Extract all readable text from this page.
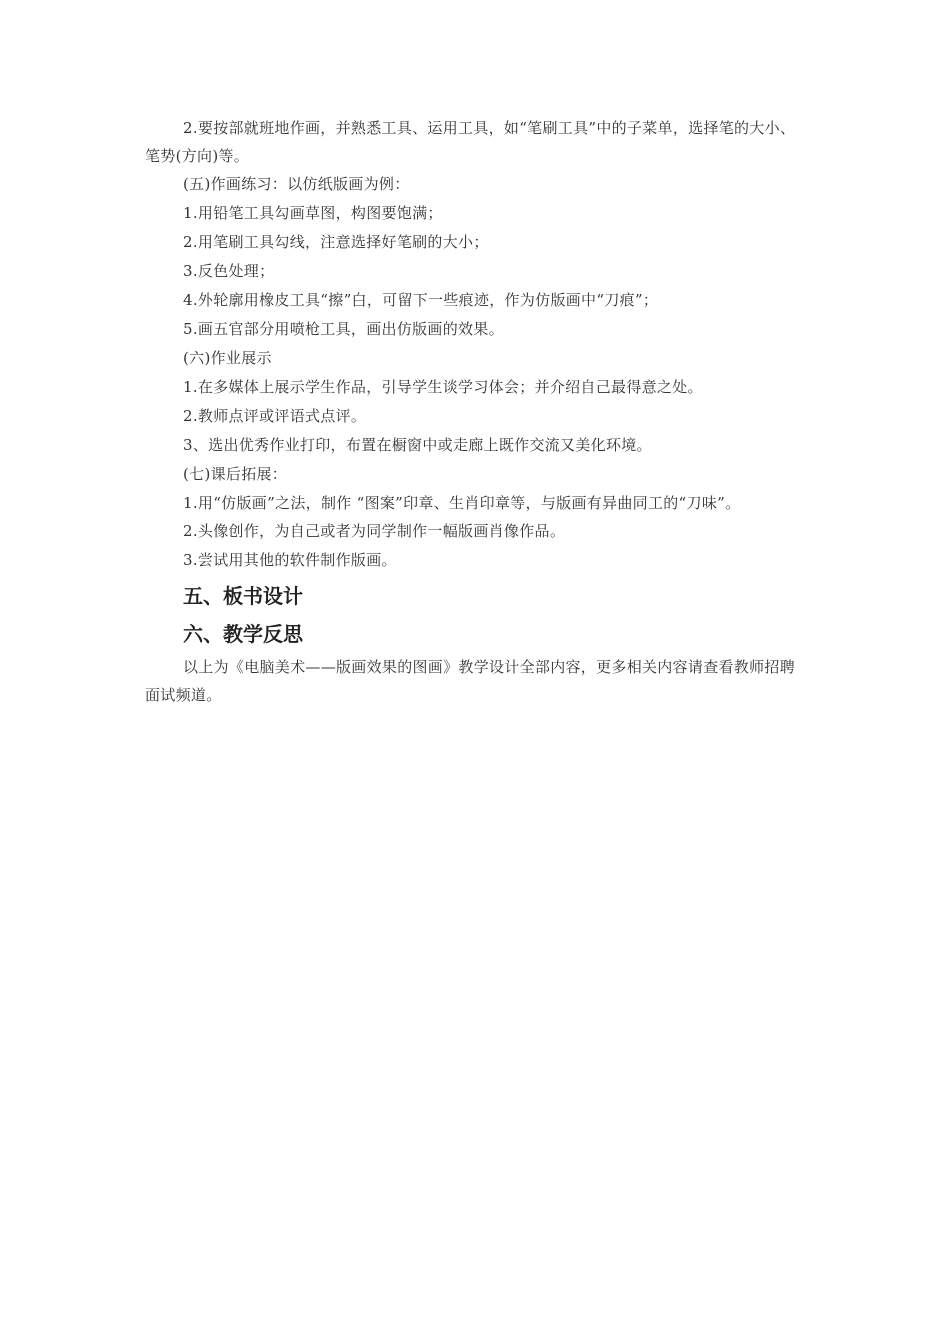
2.要按部就班地作画，并熟悉工具、运用工具，如“笔刷工具”中的子菜单，选择笔的大小、笔势(方向)等。

(五)作画练习：以仿纸版画为例：

1.用铅笔工具勾画草图，构图要饱满；

2.用笔刷工具勾线，注意选择好笔刷的大小；

3.反色处理；

4.外轮廓用橡皮工具“擦”白，可留下一些痕迹，作为仿版画中“刀痕”；

5.画五官部分用喷枪工具，画出仿版画的效果。

(六)作业展示

1.在多媒体上展示学生作品，引导学生谈学习体会；并介绍自己最得意之处。

2.教师点评或评语式点评。

3、选出优秀作业打印，布置在橱窗中或走廊上既作交流又美化环境。

(七)课后拓展：

1.用“仿版画”之法，制作 “图案”印章、生肖印章等，与版画有异曲同工的“刀味”。

2.头像创作，为自己或者为同学制作一幅版画肖像作品。

3.尝试用其他的软件制作版画。

五、板书设计
六、教学反思

以上为《电脑美术——版画效果的图画》教学设计全部内容，更多相关内容请查看教师招聘面试频道。
